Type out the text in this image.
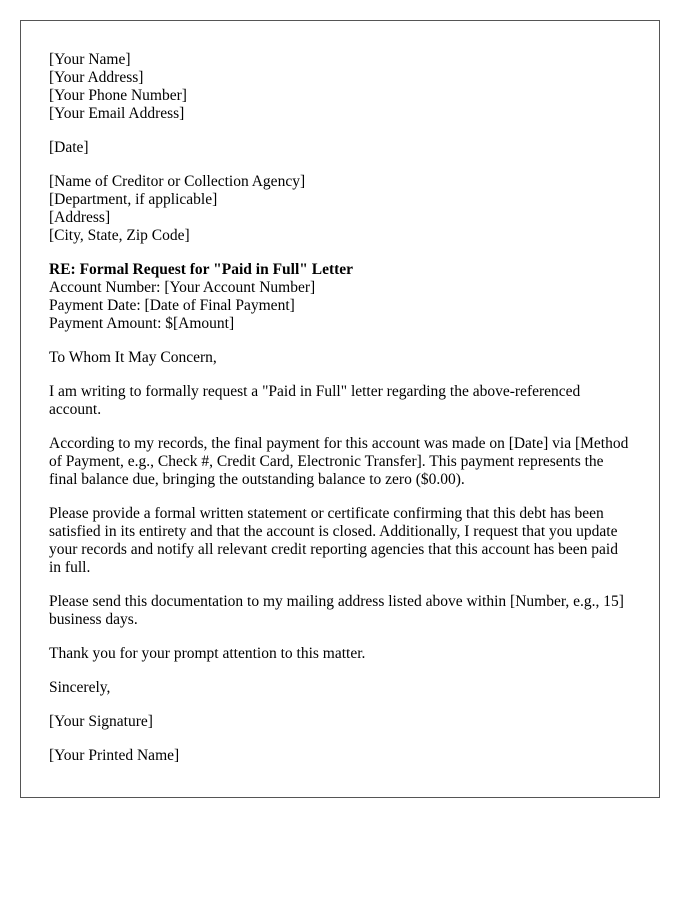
[Your Name]
[Your Address]
[Your Phone Number]
[Your Email Address]
[Date]
[Name of Creditor or Collection Agency]
[Department, if applicable]
[Address]
[City, State, Zip Code]
RE: Formal Request for "Paid in Full" Letter
Account Number: [Your Account Number]
Payment Date: [Date of Final Payment]
Payment Amount: $[Amount]

To Whom It May Concern,

I am writing to formally request a "Paid in Full" letter regarding the above-referenced account.

According to my records, the final payment for this account was made on [Date] via [Method of Payment, e.g., Check #, Credit Card, Electronic Transfer]. This payment represents the final balance due, bringing the outstanding balance to zero ($0.00).

Please provide a formal written statement or certificate confirming that this debt has been satisfied in its entirety and that the account is closed. Additionally, I request that you update your records and notify all relevant credit reporting agencies that this account has been paid in full.

Please send this documentation to my mailing address listed above within [Number, e.g., 15] business days.

Thank you for your prompt attention to this matter.

Sincerely,

[Your Signature]

[Your Printed Name]
